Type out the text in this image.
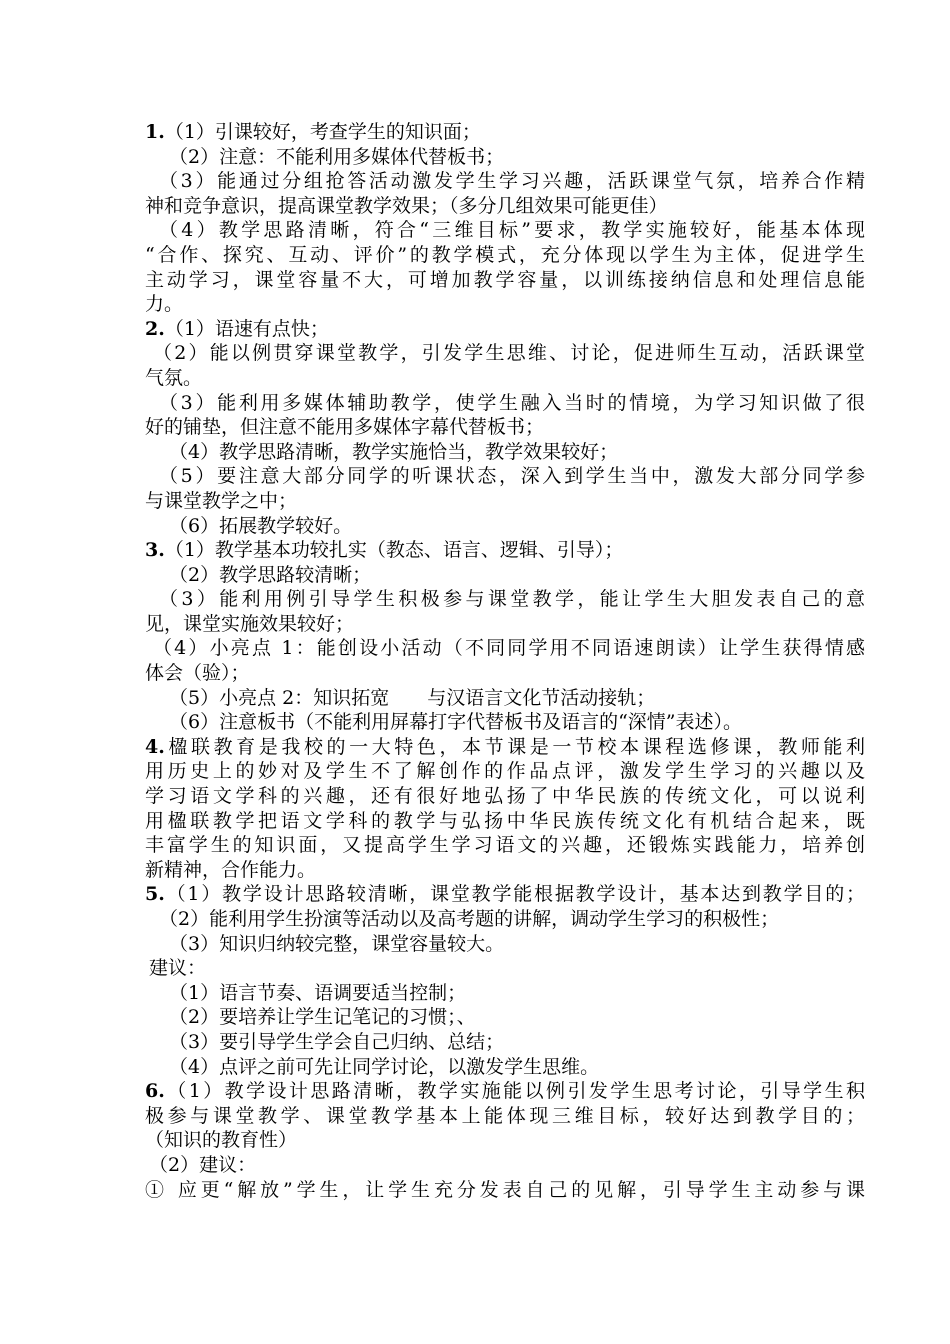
1.（1）引课较好，考查学生的知识面；
（2）注意：不能利用多媒体代替板书；
（3）能通过分组抢答活动激发学生学习兴趣，活跃课堂气氛，培养合作精
神和竞争意识，提高课堂教学效果；（多分几组效果可能更佳）
（4）教学思路清晰，符合“三维目标”要求，教学实施较好，能基本体现
“合作、探究、互动、评价”的教学模式，充分体现以学生为主体，促进学生
主动学习，课堂容量不大，可增加教学容量，以训练接纳信息和处理信息能
力。
2.（1）语速有点快；
（2）能以例贯穿课堂教学，引发学生思维、讨论，促进师生互动，活跃课堂
气氛。
（3）能利用多媒体辅助教学，使学生融入当时的情境，为学习知识做了很
好的铺垫，但注意不能用多媒体字幕代替板书；
（4）教学思路清晰，教学实施恰当，教学效果较好；
（5）要注意大部分同学的听课状态，深入到学生当中，激发大部分同学参
与课堂教学之中；
（6）拓展教学较好。
3.（1）教学基本功较扎实（教态、语言、逻辑、引导）；
（2）教学思路较清晰；
（3）能利用例引导学生积极参与课堂教学，能让学生大胆发表自己的意
见，课堂实施效果较好；
（4）小亮点 1：能创设小活动（不同同学用不同语速朗读）让学生获得情感
体会（验）；
（5）小亮点 2：知识拓宽　　与汉语言文化节活动接轨；
（6）注意板书（不能利用屏幕打字代替板书及语言的“深情”表述）。
4.楹联教育是我校的一大特色，本节课是一节校本课程选修课，教师能利
用历史上的妙对及学生不了解创作的作品点评，激发学生学习的兴趣以及
学习语文学科的兴趣，还有很好地弘扬了中华民族的传统文化，可以说利
用楹联教学把语文学科的教学与弘扬中华民族传统文化有机结合起来，既
丰富学生的知识面，又提高学生学习语文的兴趣，还锻炼实践能力，培养创
新精神，合作能力。
5.（1）教学设计思路较清晰，课堂教学能根据教学设计，基本达到教学目的；
（2）能利用学生扮演等活动以及高考题的讲解，调动学生学习的积极性；
（3）知识归纳较完整，课堂容量较大。
建议：
（1）语言节奏、语调要适当控制；
（2）要培养让学生记笔记的习惯；、
（3）要引导学生学会自己归纳、总结；
（4）点评之前可先让同学讨论，以激发学生思维。
6.（1）教学设计思路清晰，教学实施能以例引发学生思考讨论，引导学生积
极参与课堂教学、课堂教学基本上能体现三维目标，较好达到教学目的；
（知识的教育性）
（2）建议：
① 应更“解放”学生，让学生充分发表自己的见解，引导学生主动参与课
